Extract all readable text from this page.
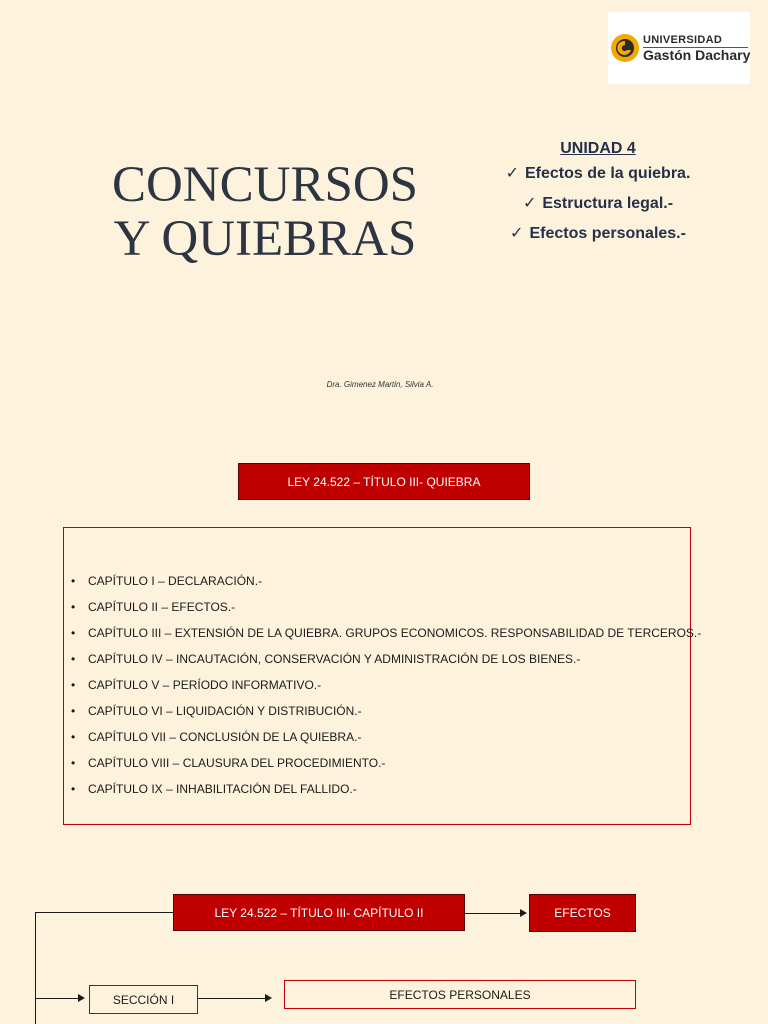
UNIVERSIDAD
Gastón Dachary
CONCURSOS
Y QUIEBRAS
UNIDAD 4
✓ Efectos de la quiebra.
✓ Estructura legal.-
✓ Efectos personales.-
Dra. Gimenez Martin, Silvia A.
LEY 24.522 – TÍTULO III- QUIEBRA
• CAPÍTULO I – DECLARACIÓN.-
• CAPÍTULO II – EFECTOS.-
• CAPÍTULO III – EXTENSIÓN DE LA QUIEBRA. GRUPOS ECONOMICOS. RESPONSABILIDAD DE TERCEROS.-
• CAPÍTULO IV – INCAUTACIÓN, CONSERVACIÓN Y ADMINISTRACIÓN DE LOS BIENES.-
• CAPÍTULO V – PERÍODO INFORMATIVO.-
• CAPÍTULO VI – LIQUIDACIÓN Y DISTRIBUCIÓN.-
• CAPÍTULO VII – CONCLUSIÓN DE LA QUIEBRA.-
• CAPÍTULO VIII – CLAUSURA DEL PROCEDIMIENTO.-
• CAPÍTULO IX – INHABILITACIÓN DEL FALLIDO.-
LEY 24.522 – TÍTULO III- CAPÍTULO II	EFECTOS
SECCIÓN I	EFECTOS PERSONALES
